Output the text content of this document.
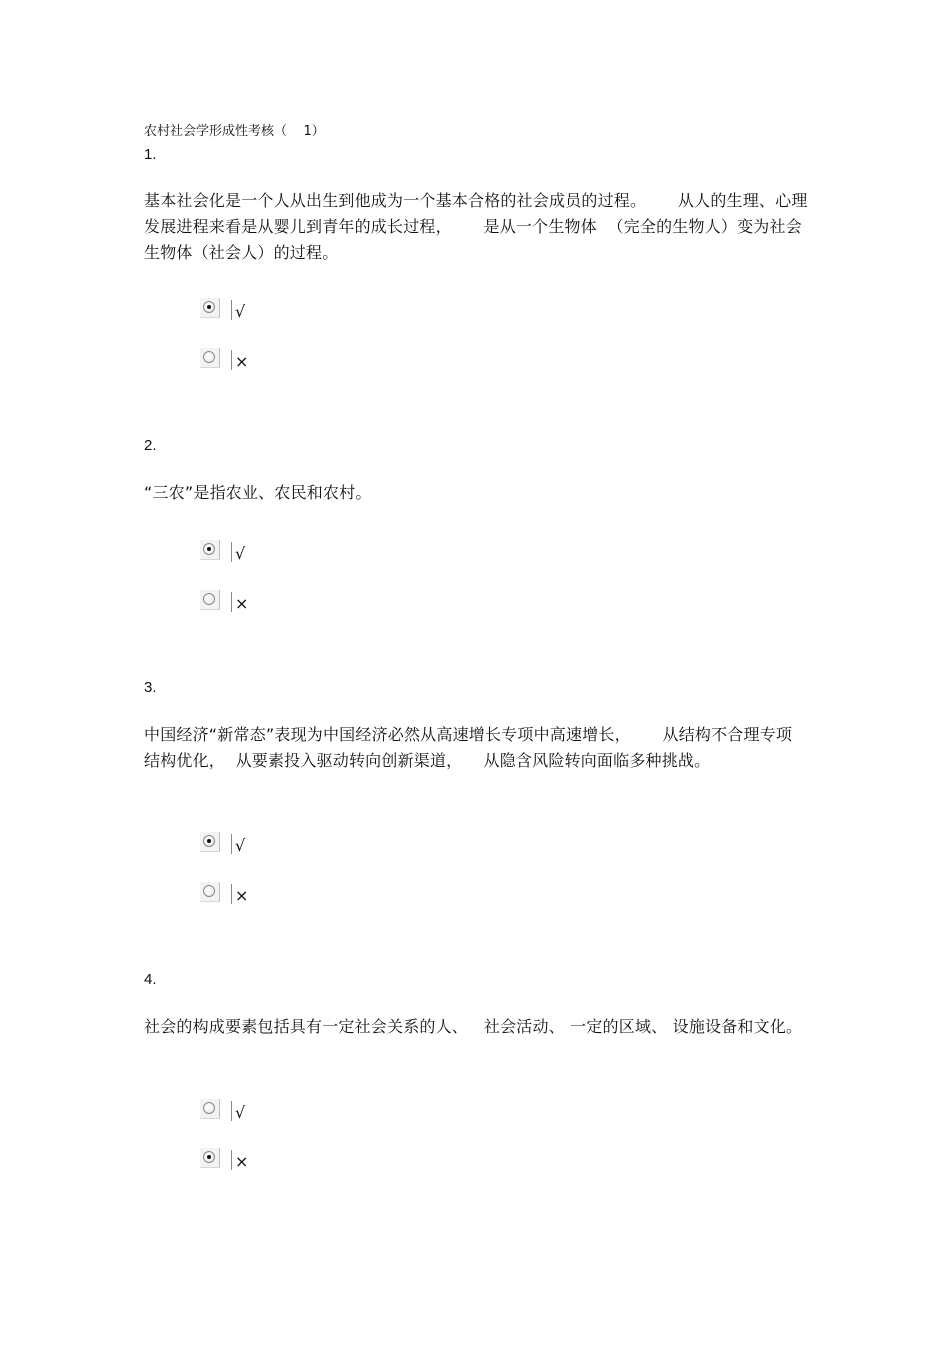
农村社会学形成性考核（    1）
1.
基本社会化是一个人从出生到他成为一个基本合格的社会成员的过程。      从人的生理、心理发展进程来看是从婴儿到青年的成长过程，      是从一个生物体  （完全的生物人）变为社会生物体（社会人）的过程。
√
×
2.
“三农”是指农业、农民和农村。
√
×
3.
中国经济“新常态”表现为中国经济必然从高速增长专项中高速增长，      从结构不合理专项结构优化，  从要素投入驱动转向创新渠道，    从隐含风险转向面临多种挑战。
√
×
4.
社会的构成要素包括具有一定社会关系的人、   社会活动、 一定的区域、 设施设备和文化。
√
×
